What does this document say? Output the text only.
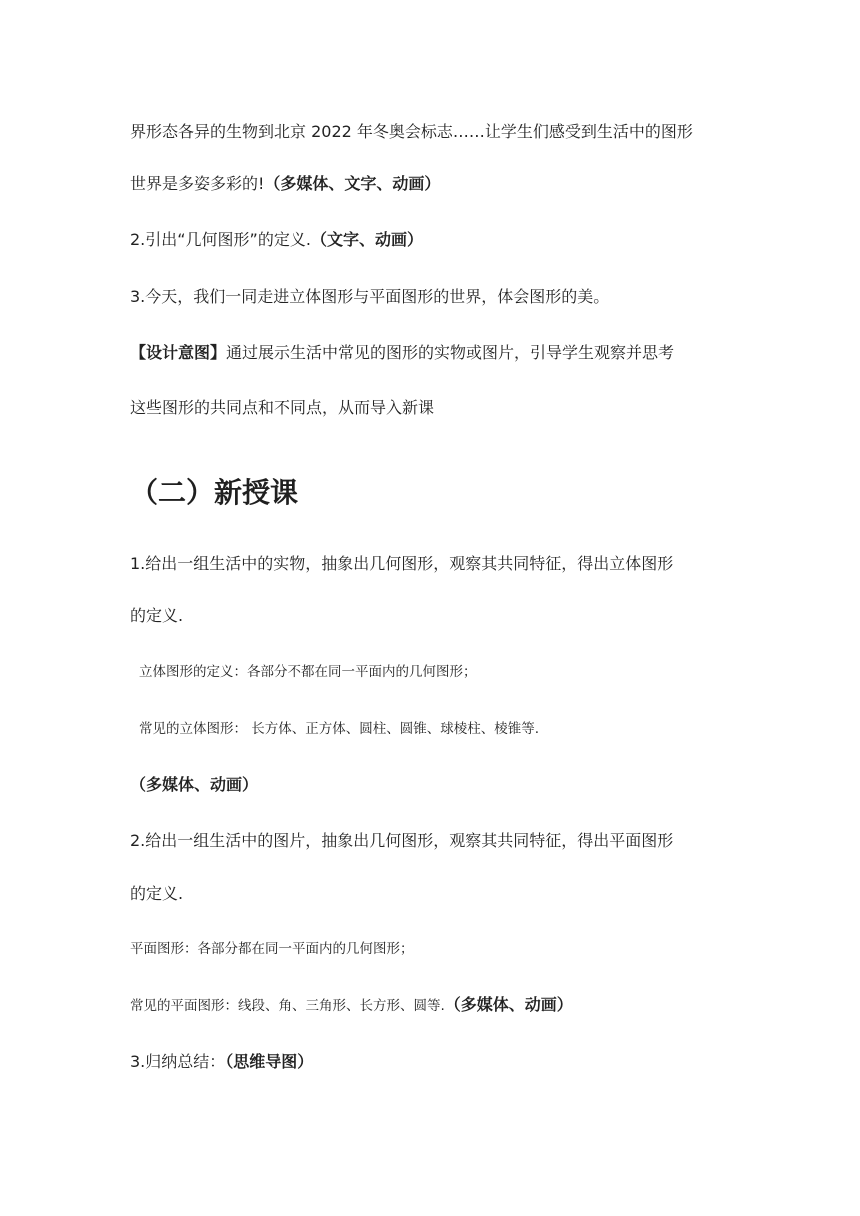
界形态各异的生物到北京 2022 年冬奥会标志……让学生们感受到生活中的图形
世界是多姿多彩的!（多媒体、文字、动画）
2.引出“几何图形”的定义.（文字、动画）
3.今天，我们一同走进立体图形与平面图形的世界，体会图形的美。
【设计意图】通过展示生活中常见的图形的实物或图片，引导学生观察并思考
这些图形的共同点和不同点，从而导入新课
（二）新授课
1.给出一组生活中的实物，抽象出几何图形，观察其共同特征，得出立体图形
的定义.
立体图形的定义：各部分不都在同一平面内的几何图形；
常见的立体图形： 长方体、正方体、圆柱、圆锥、球棱柱、棱锥等.
（多媒体、动画）
2.给出一组生活中的图片，抽象出几何图形，观察其共同特征，得出平面图形
的定义.
平面图形：各部分都在同一平面内的几何图形；
常见的平面图形：线段、角、三角形、长方形、圆等.（多媒体、动画）
3.归纳总结：（思维导图）
